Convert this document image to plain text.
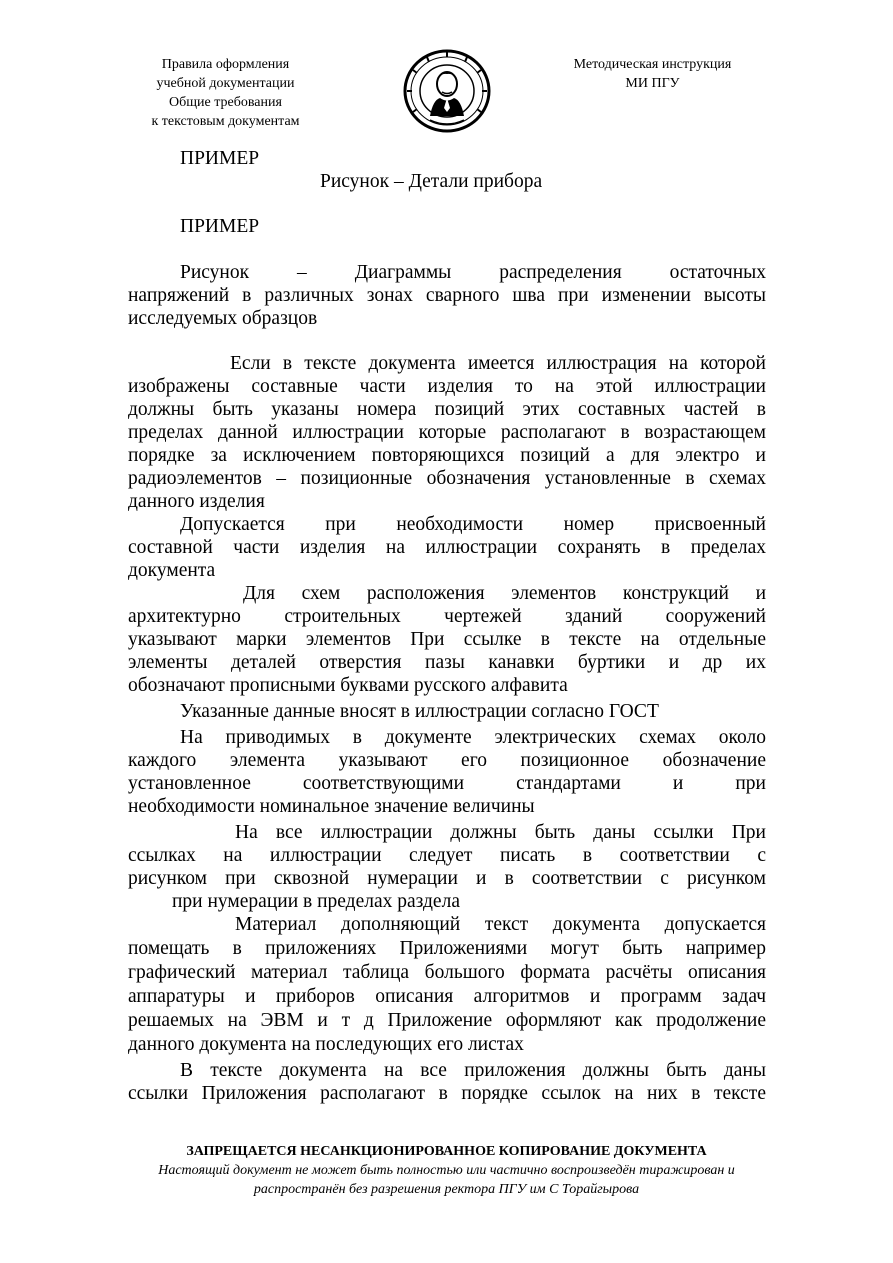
Правила оформления
учебной документации
Общие требования
к текстовым документам
Методическая инструкция
МИ ПГУ
ПРИМЕР
Рисунок – Детали прибора
ПРИМЕР
Рисунок – Диаграммы распределения остаточных
напряжений в различных зонах сварного шва при изменении высоты
исследуемых образцов
Если в тексте документа имеется иллюстрация на которой
изображены составные части изделия то на этой иллюстрации
должны быть указаны номера позиций этих составных частей в
пределах данной иллюстрации которые располагают в возрастающем
порядке за исключением повторяющихся позиций а для электро и
радиоэлементов – позиционные обозначения установленные в схемах
данного изделия
Допускается при необходимости номер присвоенный
составной части изделия на иллюстрации сохранять в пределах
документа
Для схем расположения элементов конструкций и
архитектурно строительных чертежей зданий сооружений
указывают марки элементов При ссылке в тексте на отдельные
элементы деталей отверстия пазы канавки буртики и др их
обозначают прописными буквами русского алфавита
Указанные данные вносят в иллюстрации согласно ГОСТ
На приводимых в документе электрических схемах около
каждого элемента указывают его позиционное обозначение
установленное соответствующими стандартами и при
необходимости номинальное значение величины
На все иллюстрации должны быть даны ссылки При
ссылках на иллюстрации следует писать в соответствии с
рисунком при сквозной нумерации и в соответствии с рисунком
при нумерации в пределах раздела
Материал дополняющий текст документа допускается
помещать в приложениях Приложениями могут быть например
графический материал таблица большого формата расчёты описания
аппаратуры и приборов описания алгоритмов и программ задач
решаемых на ЭВМ и т д Приложение оформляют как продолжение
данного документа на последующих его листах
В тексте документа на все приложения должны быть даны
ссылки Приложения располагают в порядке ссылок на них в тексте
ЗАПРЕЩАЕТСЯ НЕСАНКЦИОНИРОВАННОЕ КОПИРОВАНИЕ ДОКУМЕНТА
Настоящий документ не может быть полностью или частично воспроизведён тиражирован и
распространён без разрешения ректора ПГУ им С Торайгырова
